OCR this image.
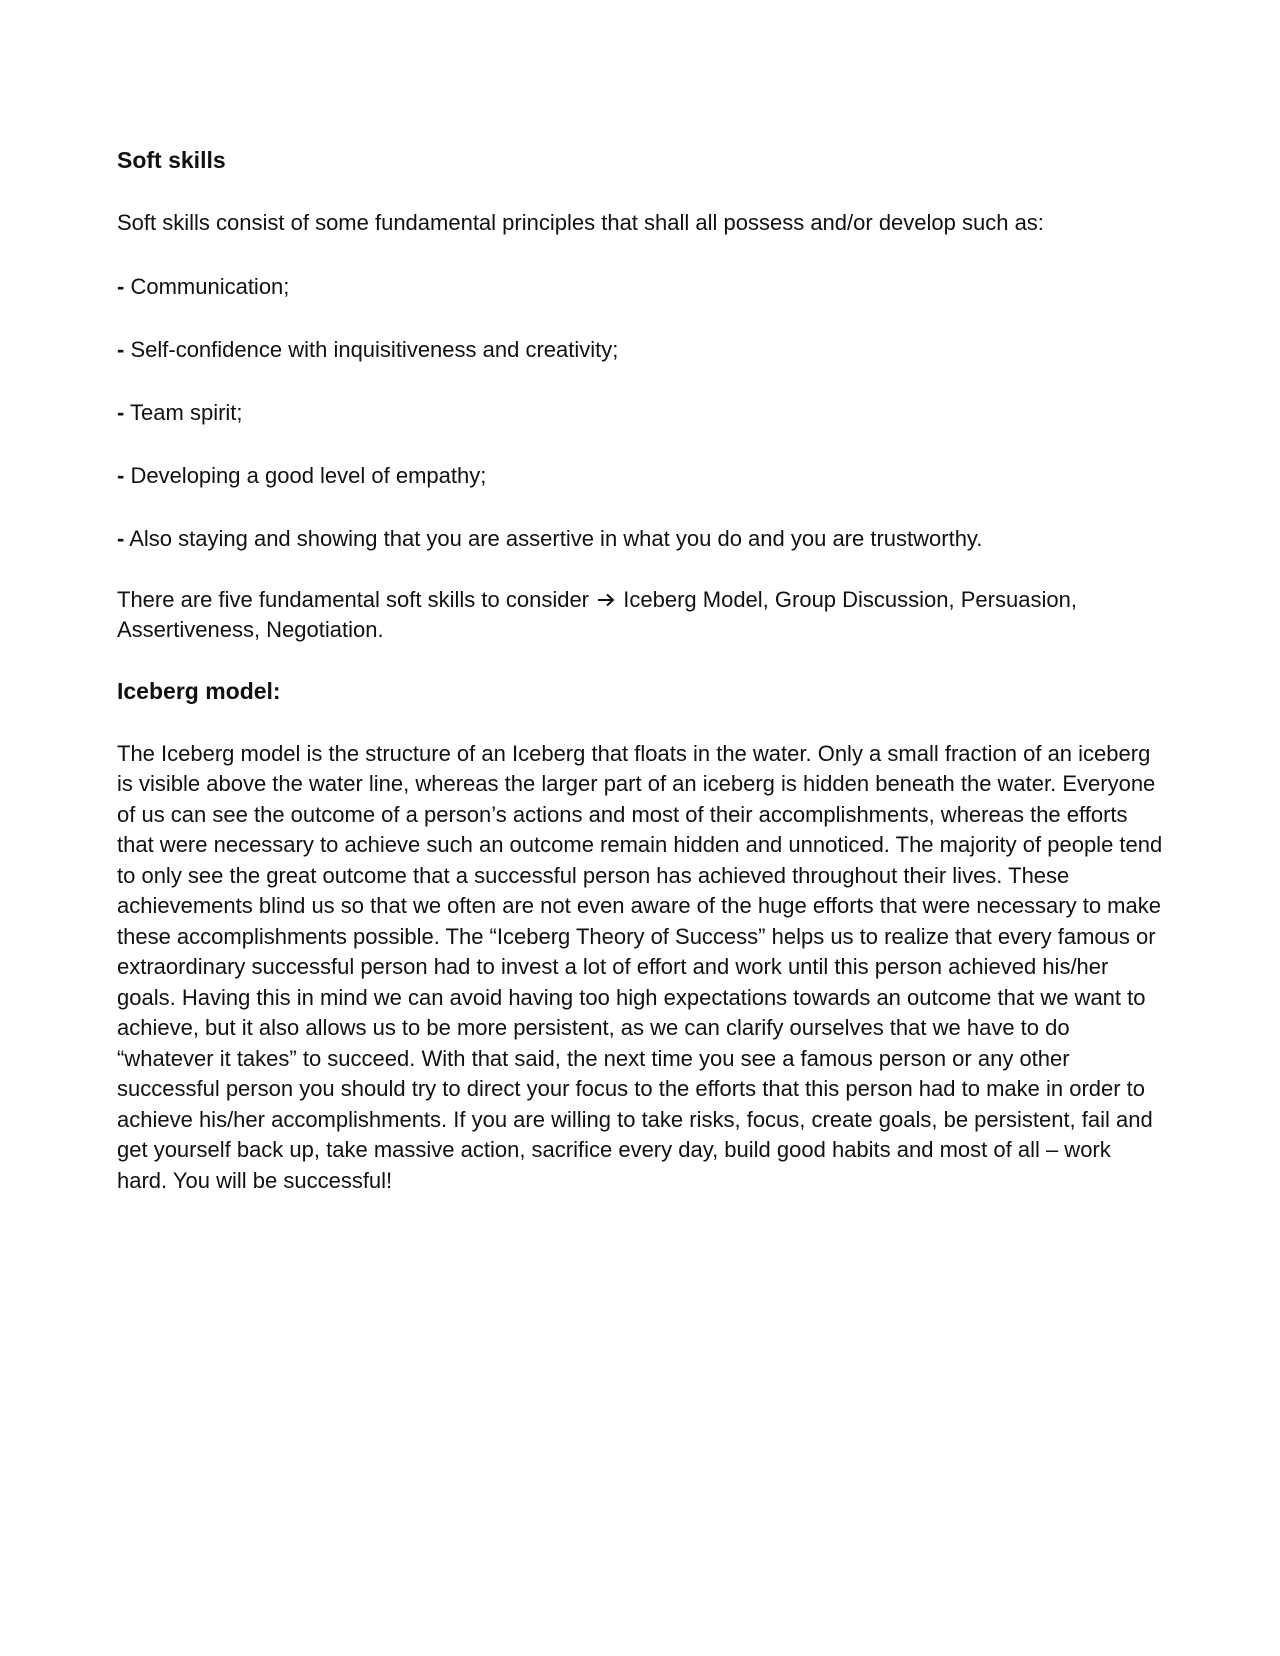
Soft skills

Soft skills consist of some fundamental principles that shall all possess and/or develop such as:

- Communication;
- Self-confidence with inquisitiveness and creativity;
- Team spirit;
- Developing a good level of empathy;
- Also staying and showing that you are assertive in what you do and you are trustworthy.

There are five fundamental soft skills to consider Iceberg Model, Group Discussion, Persuasion, Assertiveness, Negotiation.

Iceberg model:

The Iceberg model is the structure of an Iceberg that floats in the water. Only a small fraction of an iceberg is visible above the water line, whereas the larger part of an iceberg is hidden beneath the water. Everyone of us can see the outcome of a person’s actions and most of their accomplishments, whereas the efforts that were necessary to achieve such an outcome remain hidden and unnoticed. The majority of people tend to only see the great outcome that a successful person has achieved throughout their lives. These achievements blind us so that we often are not even aware of the huge efforts that were necessary to make these accomplishments possible. The “Iceberg Theory of Success” helps us to realize that every famous or extraordinary successful person had to invest a lot of effort and work until this person achieved his/her goals. Having this in mind we can avoid having too high expectations towards an outcome that we want to achieve, but it also allows us to be more persistent, as we can clarify ourselves that we have to do “whatever it takes” to succeed. With that said, the next time you see a famous person or any other successful person you should try to direct your focus to the efforts that this person had to make in order to achieve his/her accomplishments. If you are willing to take risks, focus, create goals, be persistent, fail and get yourself back up, take massive action, sacrifice every day, build good habits and most of all – work hard. You will be successful!
